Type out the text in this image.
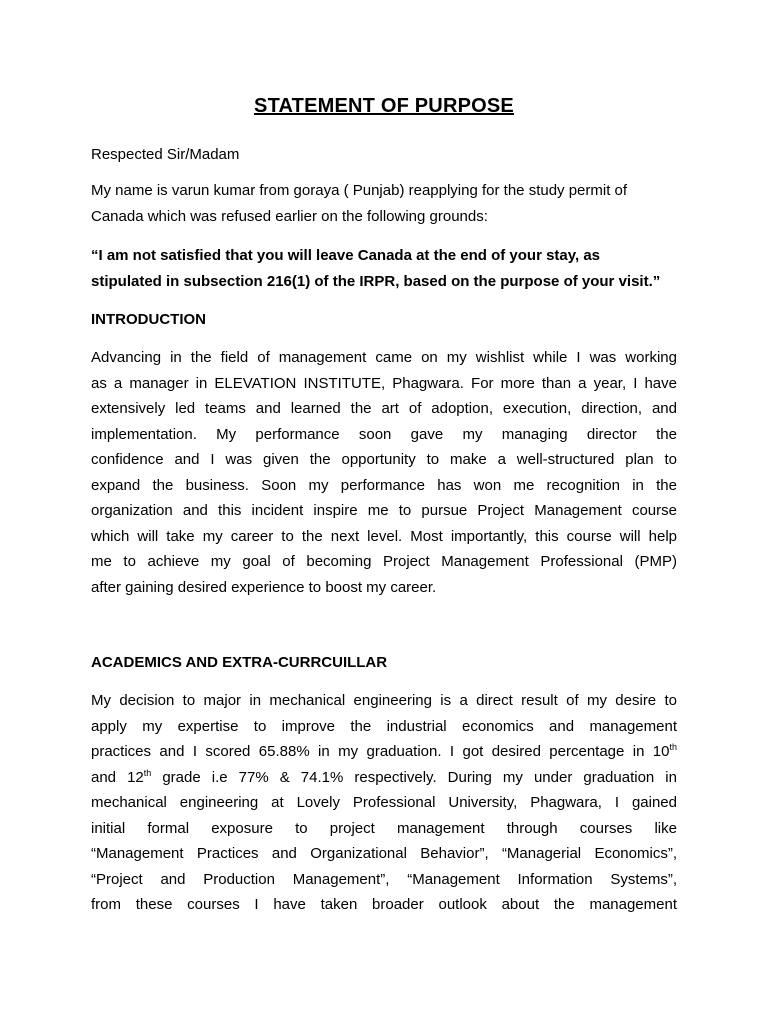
STATEMENT OF PURPOSE
Respected Sir/Madam
My name is varun kumar from goraya ( Punjab) reapplying for the study permit of
Canada which was refused earlier on the following grounds:
“I am not satisfied that you will leave Canada at the end of your stay, as
stipulated in subsection 216(1) of the IRPR, based on the purpose of your visit.”
INTRODUCTION
Advancing in the field of management came on my wishlist while I was working
as a manager in ELEVATION INSTITUTE, Phagwara. For more than a year, I have
extensively led teams and learned the art of adoption, execution, direction, and
implementation. My performance soon gave my managing director the
confidence and I was given the opportunity to make a well-structured plan to
expand the business. Soon my performance has won me recognition in the
organization and this incident inspire me to pursue Project Management course
which will take my career to the next level. Most importantly, this course will help
me to achieve my goal of becoming Project Management Professional (PMP)
after gaining desired experience to boost my career.
ACADEMICS AND EXTRA-CURRCUILLAR
My decision to major in mechanical engineering is a direct result of my desire to
apply my expertise to improve the industrial economics and management
practices and I scored 65.88% in my graduation. I got desired percentage in 10th
and 12th grade i.e 77% & 74.1% respectively. During my under graduation in
mechanical engineering at Lovely Professional University, Phagwara, I gained
initial formal exposure to project management through courses like
“Management Practices and Organizational Behavior”, “Managerial Economics”,
“Project and Production Management”, “Management Information Systems”,
from these courses I have taken broader outlook about the management
